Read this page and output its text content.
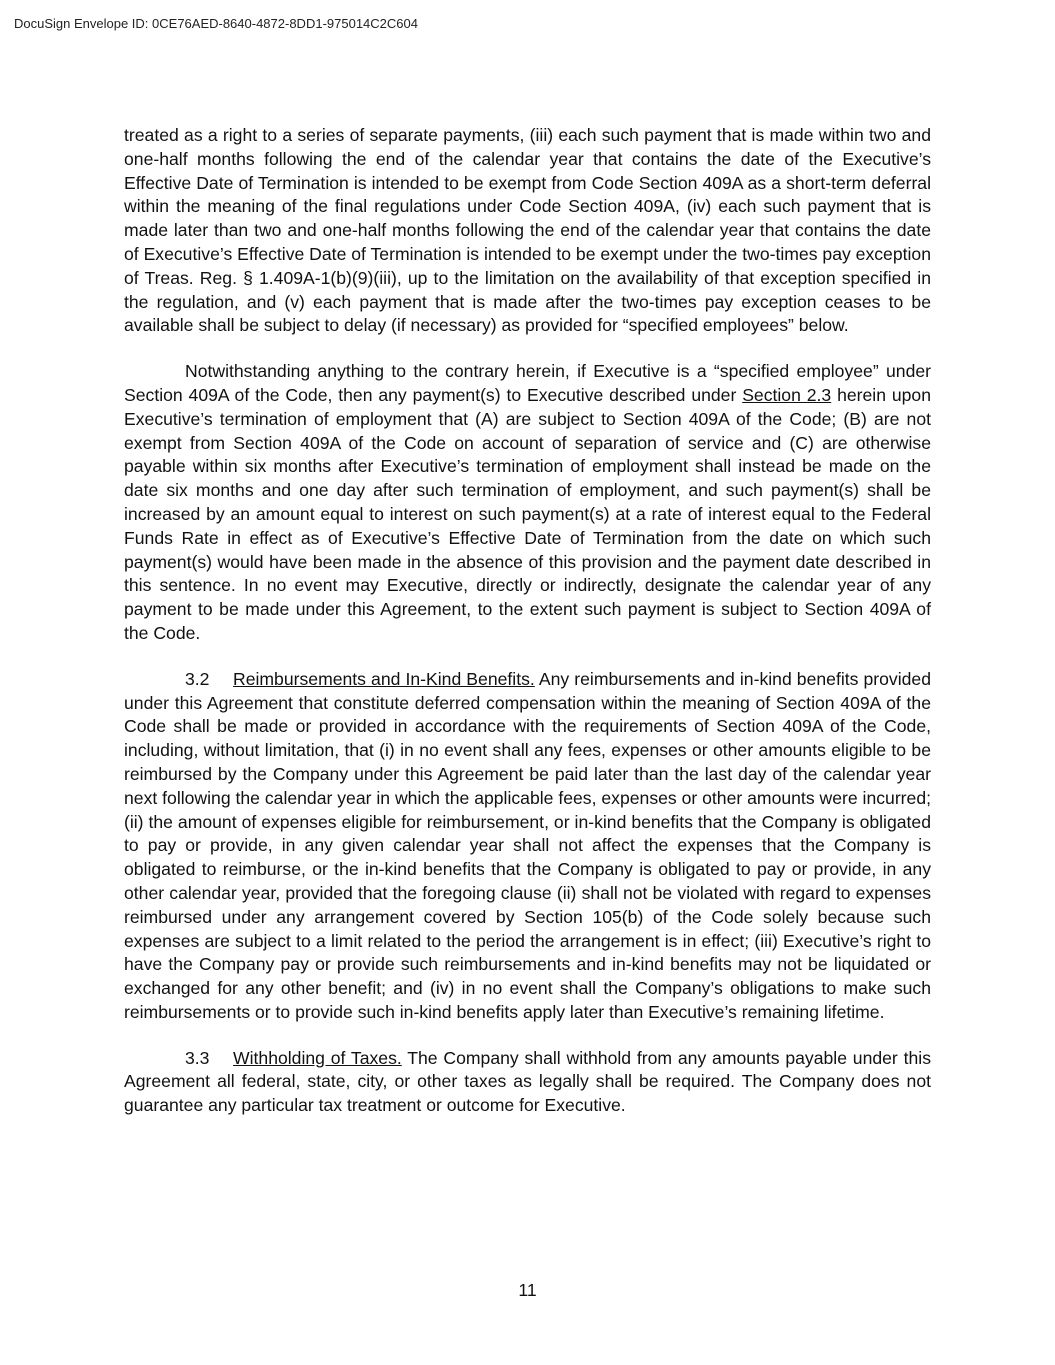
DocuSign Envelope ID: 0CE76AED-8640-4872-8DD1-975014C2C604

treated as a right to a series of separate payments, (iii) each such payment that is made within two and one-half months following the end of the calendar year that contains the date of the Executive’s Effective Date of Termination is intended to be exempt from Code Section 409A as a short-term deferral within the meaning of the final regulations under Code Section 409A, (iv) each such payment that is made later than two and one-half months following the end of the calendar year that contains the date of Executive’s Effective Date of Termination is intended to be exempt under the two-times pay exception of Treas. Reg. § 1.409A-1(b)(9)(iii), up to the limitation on the availability of that exception specified in the regulation, and (v) each payment that is made after the two-times pay exception ceases to be available shall be subject to delay (if necessary) as provided for “specified employees” below.

Notwithstanding anything to the contrary herein, if Executive is a “specified employee” under Section 409A of the Code, then any payment(s) to Executive described under Section 2.3 herein upon Executive’s termination of employment that (A) are subject to Section 409A of the Code; (B) are not exempt from Section 409A of the Code on account of separation of service and (C) are otherwise payable within six months after Executive’s termination of employment shall instead be made on the date six months and one day after such termination of employment, and such payment(s) shall be increased by an amount equal to interest on such payment(s) at a rate of interest equal to the Federal Funds Rate in effect as of Executive’s Effective Date of Termination from the date on which such payment(s) would have been made in the absence of this provision and the payment date described in this sentence. In no event may Executive, directly or indirectly, designate the calendar year of any payment to be made under this Agreement, to the extent such payment is subject to Section 409A of the Code.

3.2 Reimbursements and In-Kind Benefits. Any reimbursements and in-kind benefits provided under this Agreement that constitute deferred compensation within the meaning of Section 409A of the Code shall be made or provided in accordance with the requirements of Section 409A of the Code, including, without limitation, that (i) in no event shall any fees, expenses or other amounts eligible to be reimbursed by the Company under this Agreement be paid later than the last day of the calendar year next following the calendar year in which the applicable fees, expenses or other amounts were incurred; (ii) the amount of expenses eligible for reimbursement, or in-kind benefits that the Company is obligated to pay or provide, in any given calendar year shall not affect the expenses that the Company is obligated to reimburse, or the in-kind benefits that the Company is obligated to pay or provide, in any other calendar year, provided that the foregoing clause (ii) shall not be violated with regard to expenses reimbursed under any arrangement covered by Section 105(b) of the Code solely because such expenses are subject to a limit related to the period the arrangement is in effect; (iii) Executive’s right to have the Company pay or provide such reimbursements and in-kind benefits may not be liquidated or exchanged for any other benefit; and (iv) in no event shall the Company’s obligations to make such reimbursements or to provide such in-kind benefits apply later than Executive’s remaining lifetime.

3.3 Withholding of Taxes. The Company shall withhold from any amounts payable under this Agreement all federal, state, city, or other taxes as legally shall be required. The Company does not guarantee any particular tax treatment or outcome for Executive.

11
